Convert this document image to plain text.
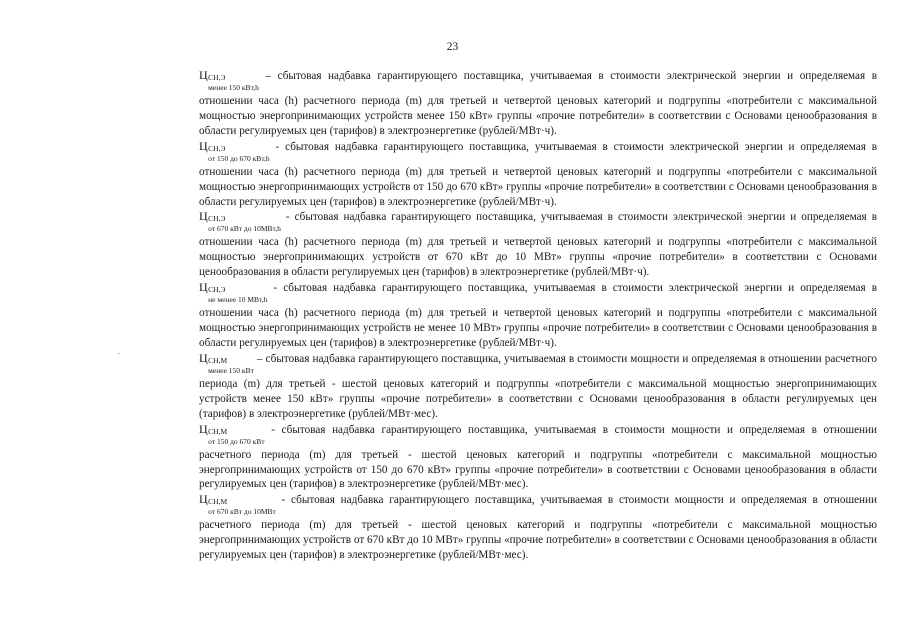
23

Ц СН,Э
менее 150 кВт,h
– сбытовая надбавка гарантирующего поставщика, учитываемая в стоимости электрической энергии и определяемая в отношении часа (h) расчетного периода (m) для третьей и четвертой ценовых категорий и подгруппы «потребители с максимальной мощностью энергопринимающих устройств менее 150 кВт» группы «прочие потребители» в соответствии с Основами ценообразования в области регулируемых цен (тарифов) в электроэнергетике (рублей/МВт·ч).

Ц СН,Э
от 150 до 670 кВт,h
- сбытовая надбавка гарантирующего поставщика, учитываемая в стоимости электрической энергии и определяемая в отношении часа (h) расчетного периода (m) для третьей и четвертой ценовых категорий и подгруппы «потребители с максимальной мощностью энергопринимающих устройств от 150 до 670 кВт» группы «прочие потребители» в соответствии с Основами ценообразования в области регулируемых цен (тарифов) в электроэнергетике (рублей/МВт·ч).

Ц СН,Э
от 670 кВт до 10МВт,h
- сбытовая надбавка гарантирующего поставщика, учитываемая в стоимости электрической энергии и определяемая в отношении часа (h) расчетного периода (m) для третьей и четвертой ценовых категорий и подгруппы «потребители с максимальной мощностью энергопринимающих устройств от 670 кВт до 10 МВт» группы «прочие потребители» в соответствии с Основами ценообразования в области регулируемых цен (тарифов) в электроэнергетике (рублей/МВт·ч).

Ц СН,Э
не менее 10 МВт,h
- сбытовая надбавка гарантирующего поставщика, учитываемая в стоимости электрической энергии и определяемая в отношении часа (h) расчетного периода (m) для третьей и четвертой ценовых категорий и подгруппы «потребители с максимальной мощностью энергопринимающих устройств не менее 10 МВт» группы «прочие потребители» в соответствии с Основами ценообразования в области регулируемых цен (тарифов) в электроэнергетике (рублей/МВт·ч).

Ц СН,М
менее 150 кВт
– сбытовая надбавка гарантирующего поставщика, учитываемая в стоимости мощности и определяемая в отношении расчетного периода (m) для третьей - шестой ценовых категорий и подгруппы «потребители с максимальной мощностью энергопринимающих устройств менее 150 кВт» группы «прочие потребители» в соответствии с Основами ценообразования в области регулируемых цен (тарифов) в электроэнергетике (рублей/МВт·мес).

Ц СН,М
от 150 до 670 кВт
- сбытовая надбавка гарантирующего поставщика, учитываемая в стоимости мощности и определяемая в отношении расчетного периода (m) для третьей - шестой ценовых категорий и подгруппы «потребители с максимальной мощностью энергопринимающих устройств от 150 до 670 кВт» группы «прочие потребители» в соответствии с Основами ценообразования в области регулируемых цен (тарифов) в электроэнергетике (рублей/МВт·мес).

Ц СН,М
от 670 кВт до 10МВт
- сбытовая надбавка гарантирующего поставщика, учитываемая в стоимости мощности и определяемая в отношении расчетного периода (m) для третьей - шестой ценовых категорий и подгруппы «потребители с максимальной мощностью энергопринимающих устройств от 670 кВт до 10 МВт» группы «прочие потребители» в соответствии с Основами ценообразования в области регулируемых цен (тарифов) в электроэнергетике (рублей/МВт·мес).
